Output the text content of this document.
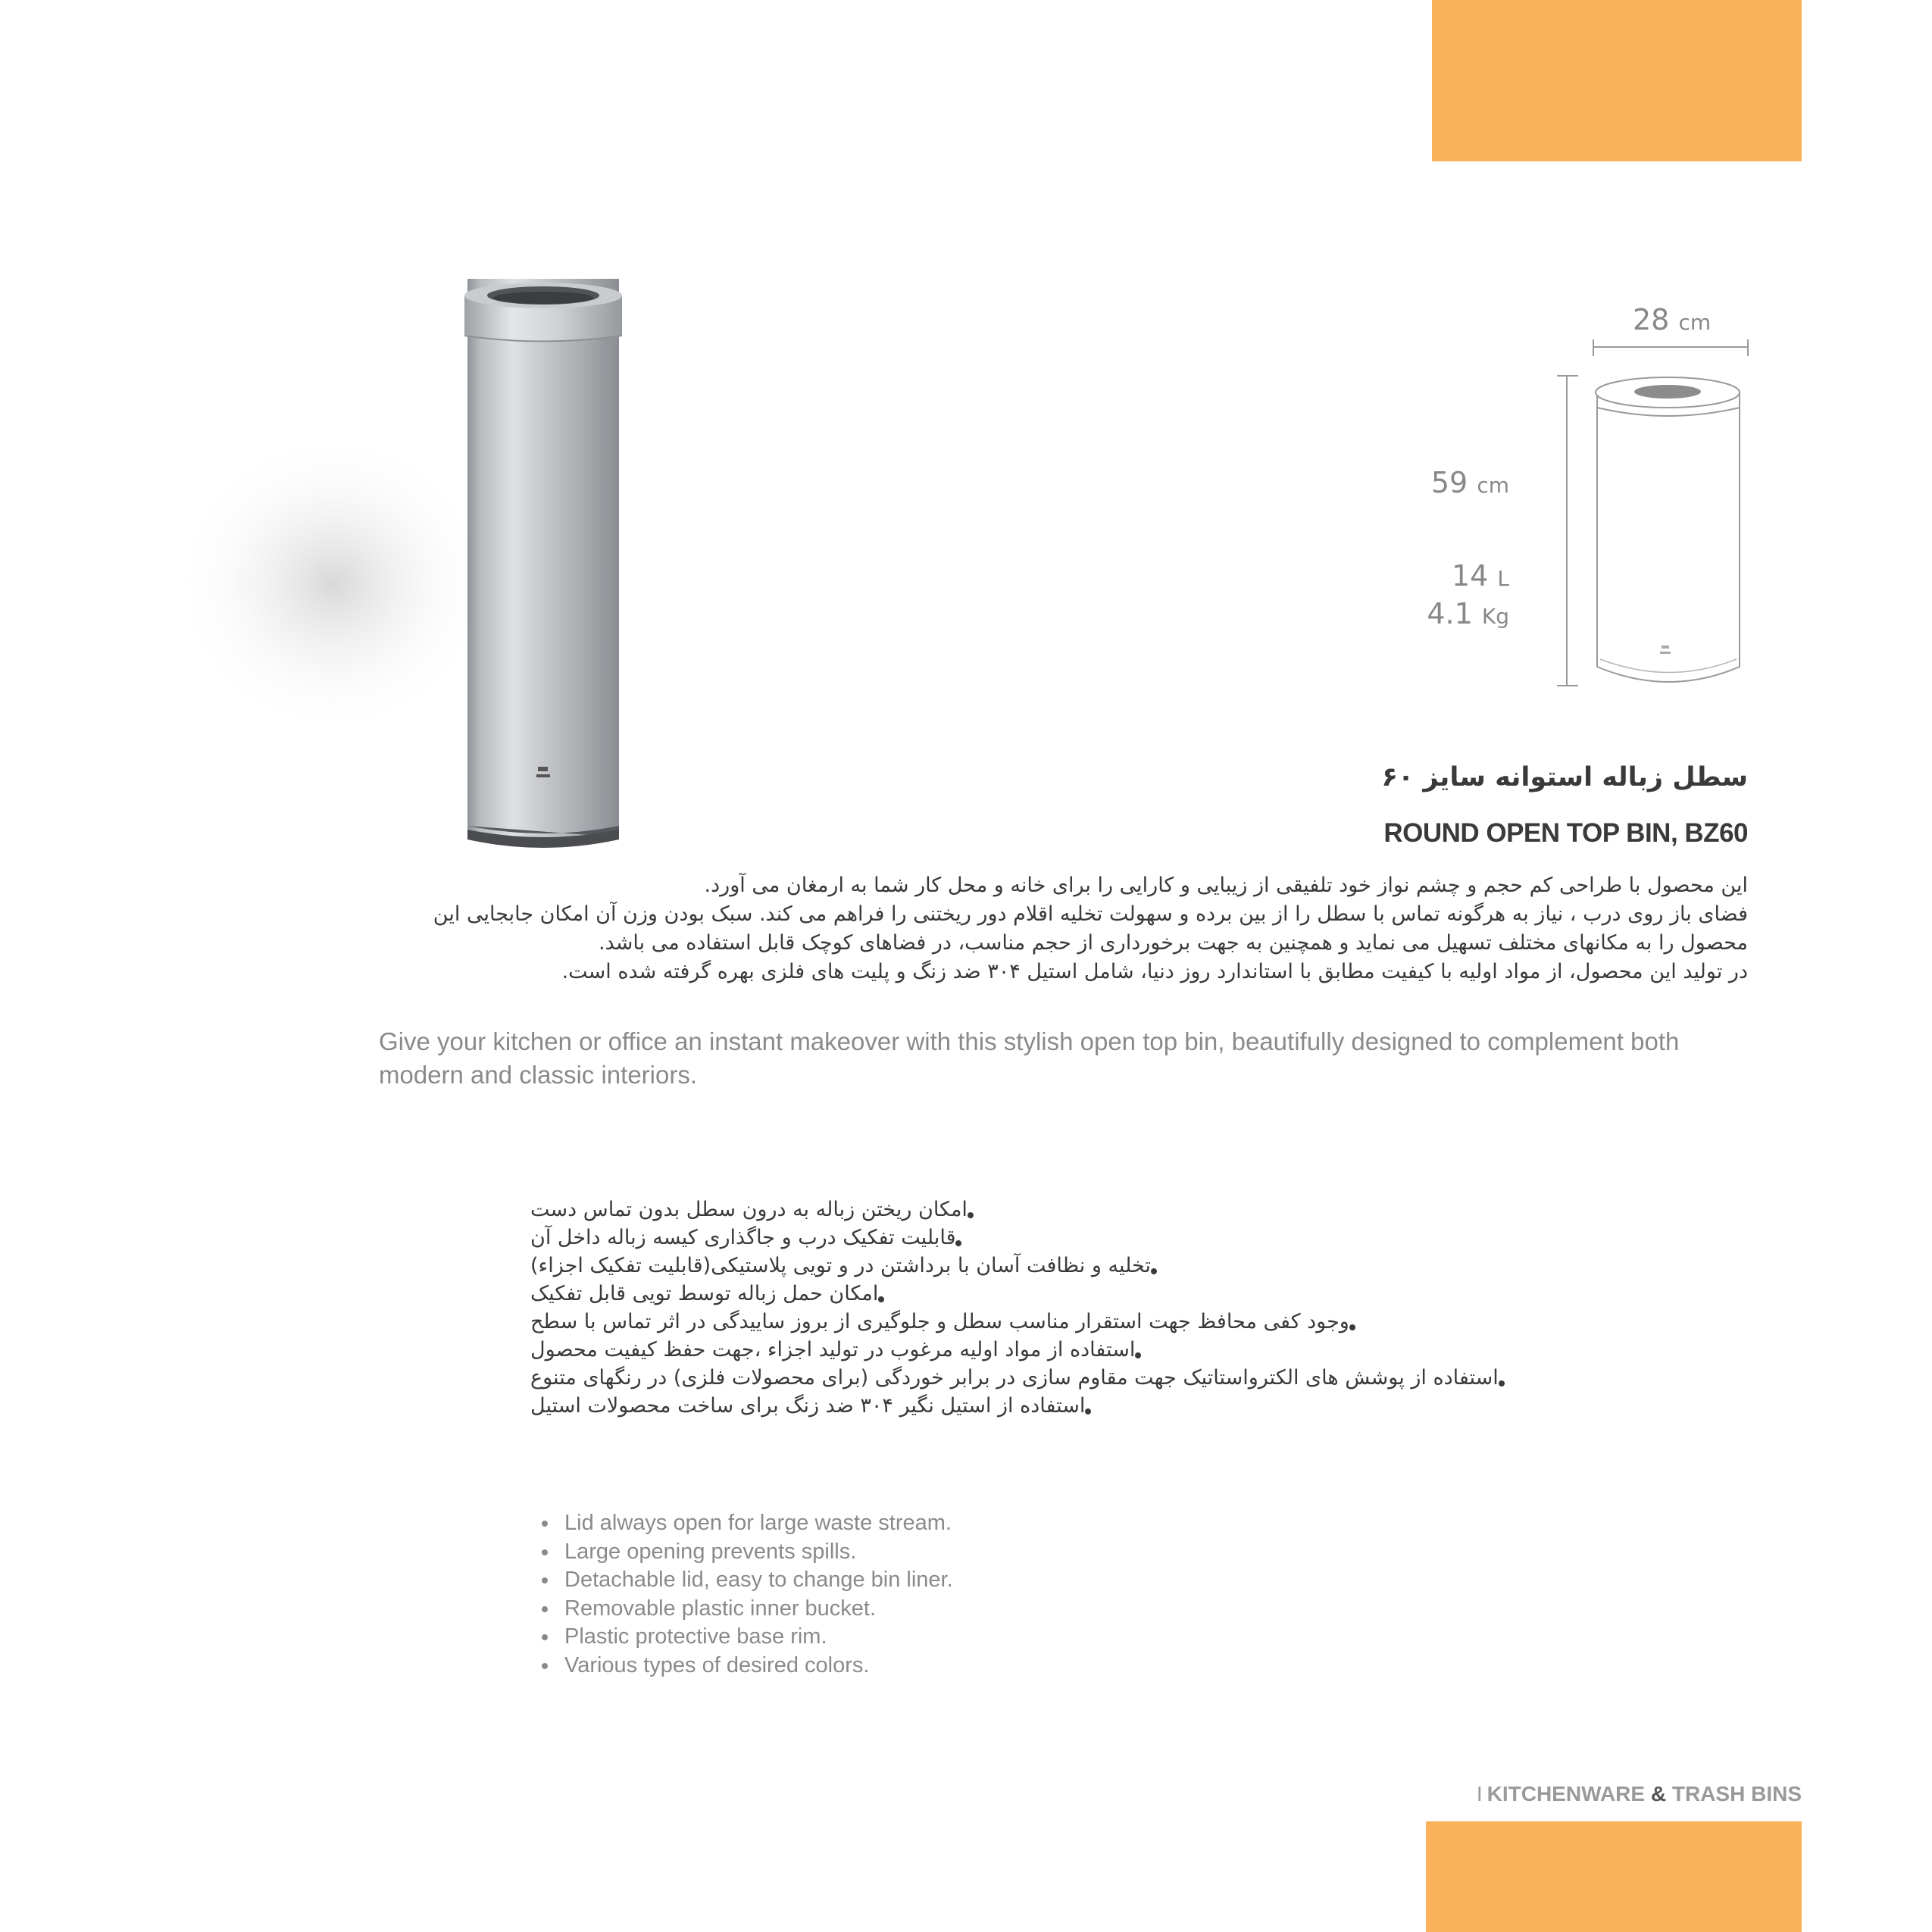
28 cm
59 cm
14 L
4.1 Kg
سطل زباله استوانه سایز ۶۰
ROUND OPEN TOP BIN, BZ60
این محصول با طراحی کم حجم و چشم نواز خود تلفیقی از زیبایی و کارایی را برای خانه و محل کار شما به ارمغان می آورد.
فضای باز روی درب ، نیاز به هرگونه تماس با سطل را از بین برده و سهولت تخلیه اقلام دور ریختنی را فراهم می کند. سبک بودن وزن آن امکان جابجایی این
محصول را به مکانهای مختلف تسهیل می نماید و همچنین به جهت برخورداری از حجم مناسب، در فضاهای کوچک قابل استفاده می باشد.
در تولید این محصول، از مواد اولیه با کیفیت مطابق با استاندارد روز دنیا، شامل استیل ۳۰۴ ضد زنگ و پلیت های فلزی بهره گرفته شده است.
Give your kitchen or office an instant makeover with this stylish open top bin, beautifully designed to complement both modern and classic interiors.
امکان ریختن زباله به درون سطل بدون تماس دست
قابلیت تفکیک درب و جاگذاری کیسه زباله داخل آن
تخلیه و نظافت آسان با برداشتن در و تویی پلاستیکی(قابلیت تفکیک اجزاء)
امکان حمل زباله توسط تویی قابل تفکیک
وجود کفی محافظ جهت استقرار مناسب سطل و جلوگیری از بروز ساییدگی در اثر تماس با سطح
استفاده از مواد اولیه مرغوب در تولید اجزاء ،جهت حفظ کیفیت محصول
استفاده از پوشش های الکترواستاتیک جهت مقاوم سازی در برابر خوردگی (برای محصولات فلزی) در رنگهای متنوع
استفاده از استیل نگیر ۳۰۴ ضد زنگ برای ساخت محصولات استیل
Lid always open for large waste stream.
Large opening prevents spills.
Detachable lid, easy to change bin liner.
Removable plastic inner bucket.
Plastic protective base rim.
Various types of desired colors.
I KITCHENWARE & TRASH BINS
